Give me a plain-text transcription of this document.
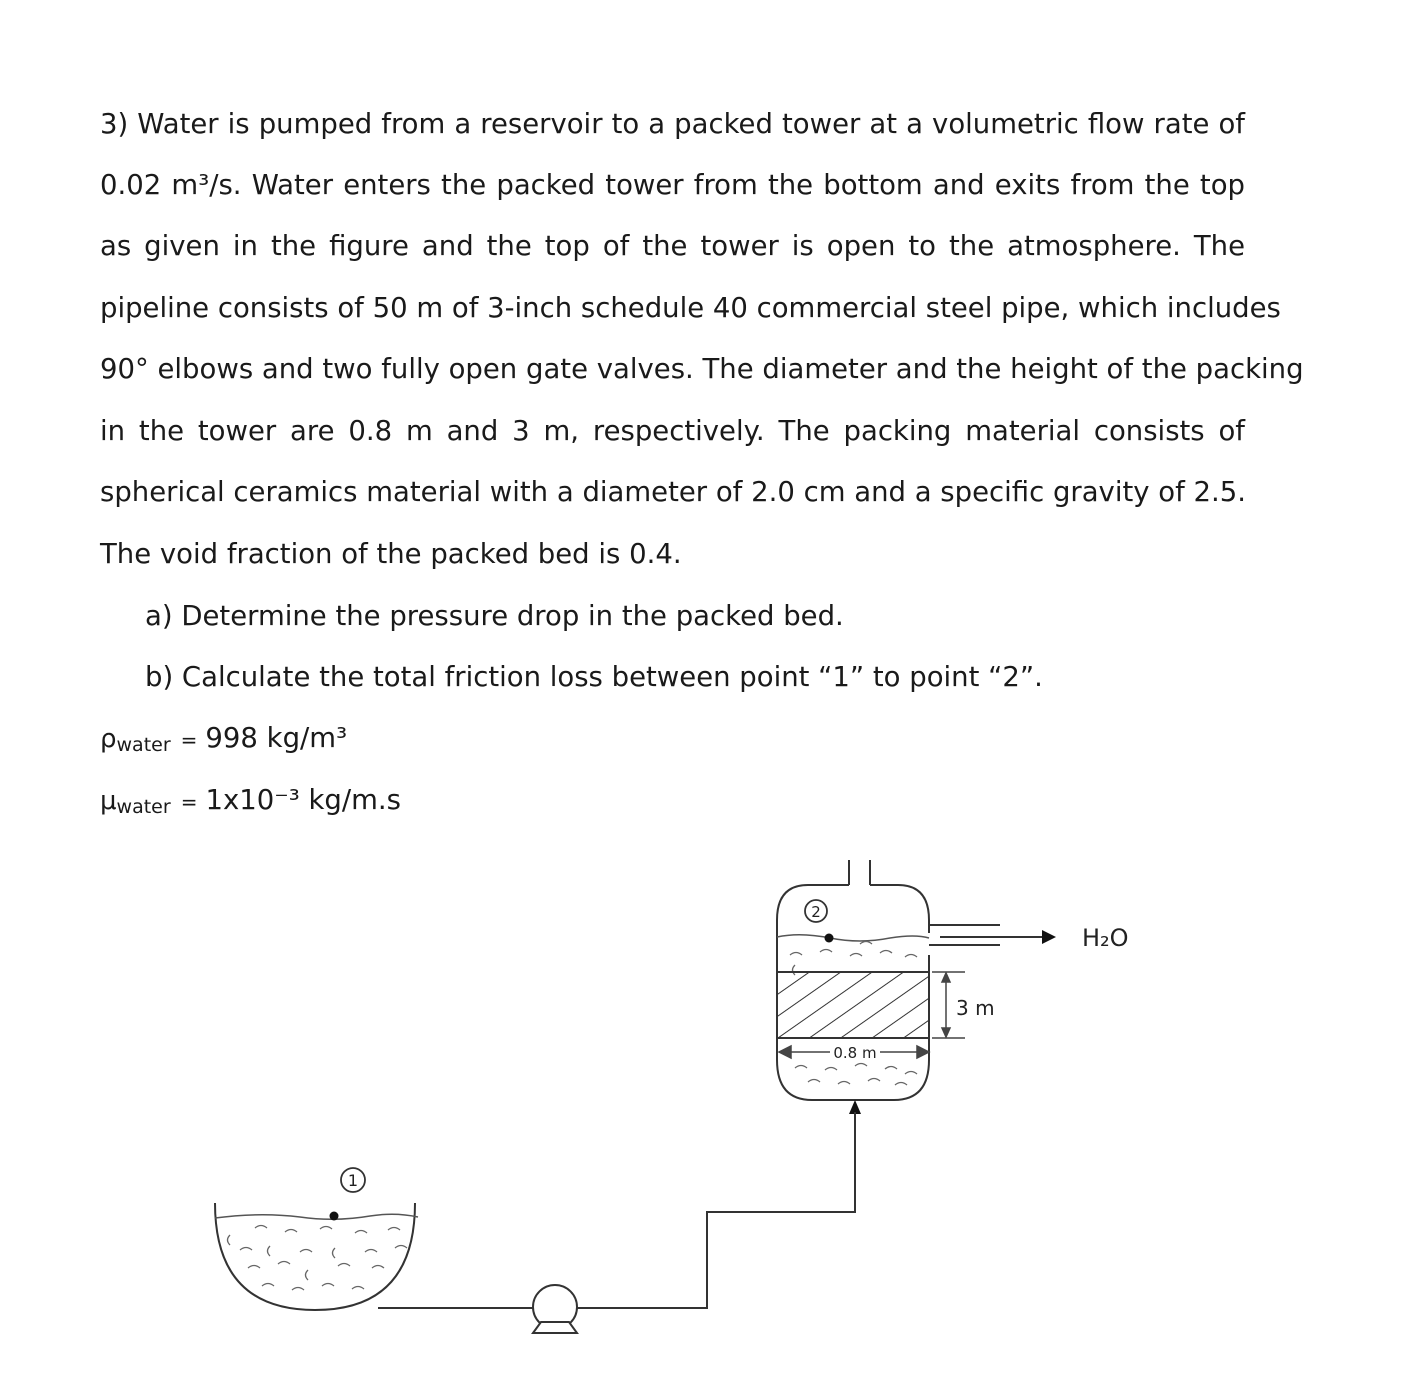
3) Water is pumped from a reservoir to a packed tower at a volumetric flow rate of
0.02 m³/s. Water enters the packed tower from the bottom and exits from the top
as given in the figure and the top of the tower is open to the atmosphere. The
pipeline consists of 50 m of 3-inch schedule 40 commercial steel pipe, which includes
90° elbows and two fully open gate valves. The diameter and the height of the packing
in the tower are 0.8 m and 3 m, respectively. The packing material consists of
spherical ceramics material with a diameter of 2.0 cm and a specific gravity of 2.5.
The void fraction of the packed bed is 0.4.
a) Determine the pressure drop in the packed bed.
b) Calculate the total friction loss between point “1” to point “2”.
ρwater = 998 kg/m³
μwater = 1x10⁻³ kg/m.s
2
H₂O
3 m
0.8 m
1
